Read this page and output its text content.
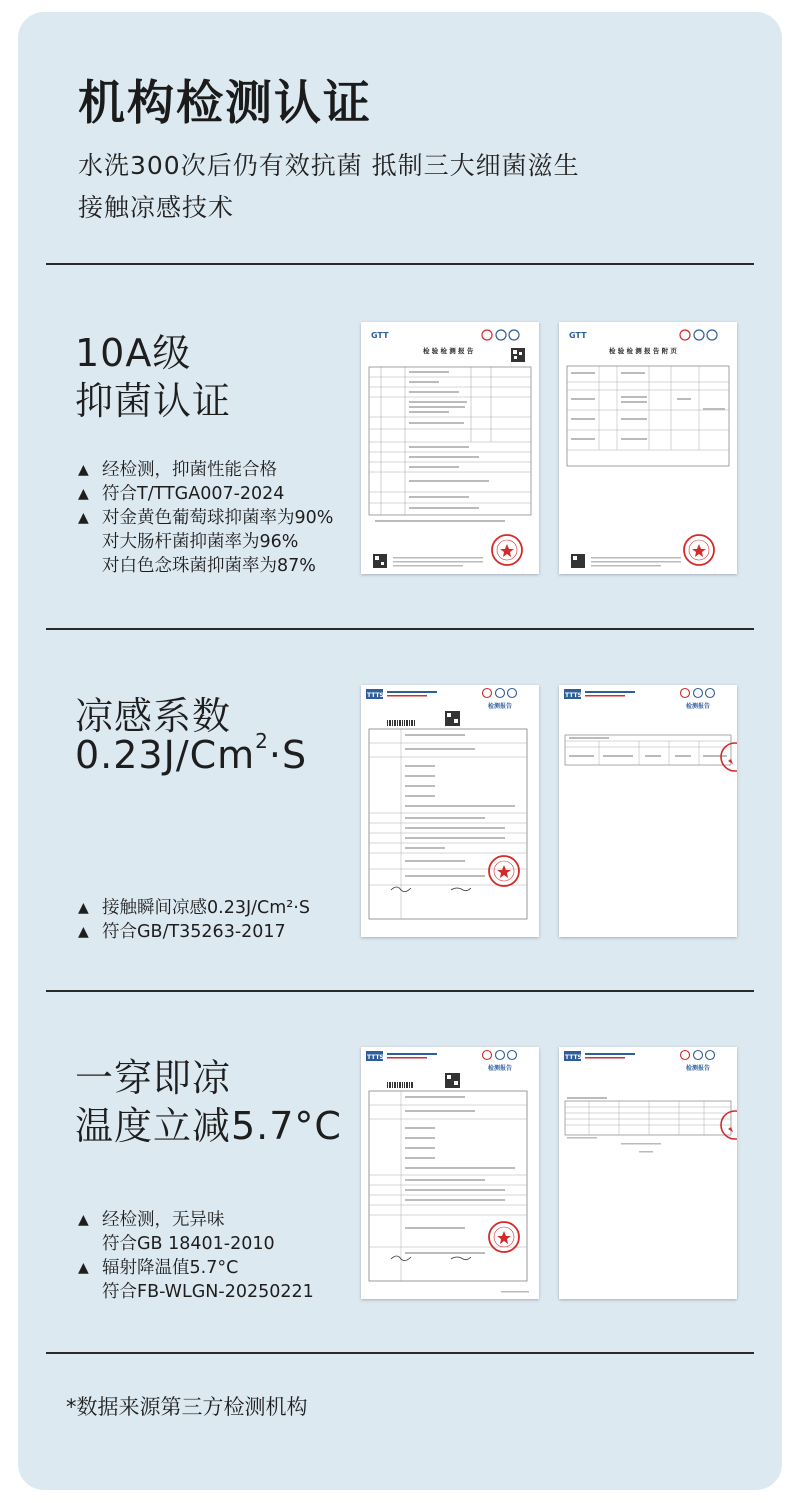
机构检测认证
水洗300次后仍有效抗菌 抵制三大细菌滋生
接触凉感技术
10A级
抑菌认证
▲ 经检测，抑菌性能合格
▲ 符合T/TTGA007-2024
▲ 对金黄色葡萄球抑菌率为90%
对大肠杆菌抑菌率为96%
对白色念珠菌抑菌率为87%
GTT
检 验 检 测 报 告
GTT
检 验 检 测 报 告 附 页
凉感系数
$0.23J/Cm^2\cdot S$
▲ 接触瞬间凉感0.23J/Cm²·S
▲ 符合GB/T35263-2017
TTTS
检测报告
TTTS
检测报告
一穿即凉
温度立减5.7°C
▲ 经检测，无异味
符合GB 18401-2010
▲ 辐射降温值5.7°C
符合FB-WLGN-20250221
TTTS
检测报告
TTTS
检测报告
*数据来源第三方检测机构
